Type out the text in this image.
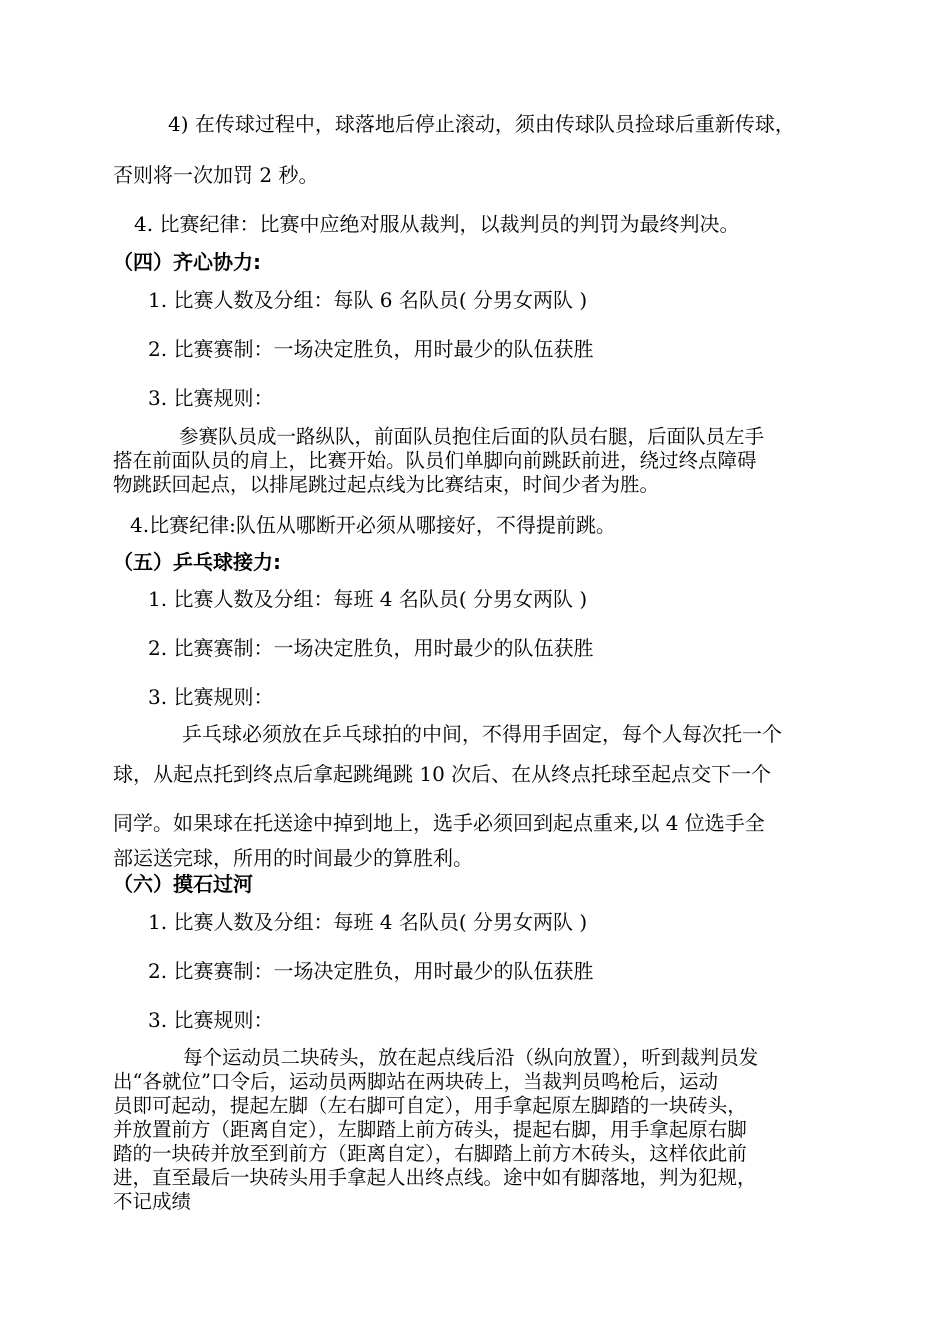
4) 在传球过程中，球落地后停止滚动，须由传球队员捡球后重新传球，

否则将一次加罚 2 秒。

4. 比赛纪律：比赛中应绝对服从裁判，以裁判员的判罚为最终判决。

（四）齐心协力:

1. 比赛人数及分组：每队 6 名队员( 分男女两队 )

2. 比赛赛制：一场决定胜负，用时最少的队伍获胜

3. 比赛规则：

参赛队员成一路纵队，前面队员抱住后面的队员右腿，后面队员左手
搭在前面队员的肩上，比赛开始。队员们单脚向前跳跃前进，绕过终点障碍
物跳跃回起点，以排尾跳过起点线为比赛结束，时间少者为胜。

4.比赛纪律:队伍从哪断开必须从哪接好，不得提前跳。

（五）乒乓球接力:

1. 比赛人数及分组：每班 4 名队员( 分男女两队 )

2. 比赛赛制：一场决定胜负，用时最少的队伍获胜

3. 比赛规则：

乒乓球必须放在乒乓球拍的中间，不得用手固定，每个人每次托一个

球，从起点托到终点后拿起跳绳跳 10 次后、在从终点托球至起点交下一个

同学。如果球在托送途中掉到地上，选手必须回到起点重来,以 4 位选手全

部运送完球，所用的时间最少的算胜利。

（六）摸石过河

1. 比赛人数及分组：每班 4 名队员( 分男女两队 )

2. 比赛赛制：一场决定胜负，用时最少的队伍获胜

3. 比赛规则：

每个运动员二块砖头，放在起点线后沿（纵向放置），听到裁判员发
出“各就位”口令后，运动员两脚站在两块砖上，当裁判员鸣枪后，运动
员即可起动，提起左脚（左右脚可自定），用手拿起原左脚踏的一块砖头，
并放置前方（距离自定），左脚踏上前方砖头，提起右脚，用手拿起原右脚
踏的一块砖并放至到前方（距离自定），右脚踏上前方木砖头，这样依此前
进，直至最后一块砖头用手拿起人出终点线。途中如有脚落地，判为犯规，
不记成绩
